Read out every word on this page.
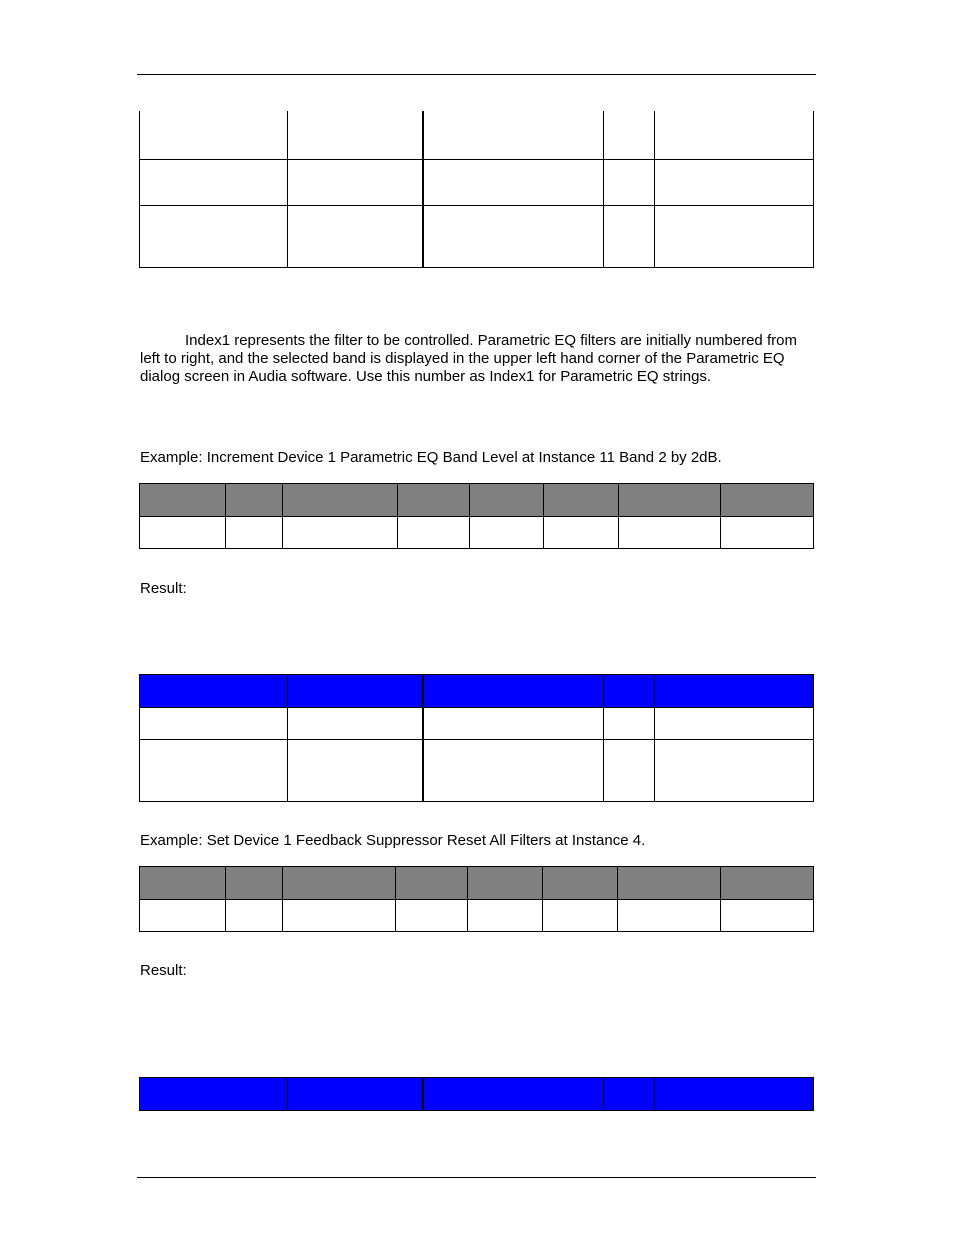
Index1 represents the filter to be controlled. Parametric EQ filters are initially numbered from left to right, and the selected band is displayed in the upper left hand corner of the Parametric EQ dialog screen in Audia software. Use this number as Index1 for Parametric EQ strings.

Example: Increment Device 1 Parametric EQ Band Level at Instance 11 Band 2 by 2dB.

Result:

Example: Set Device 1 Feedback Suppressor Reset All Filters at Instance 4.

Result:
